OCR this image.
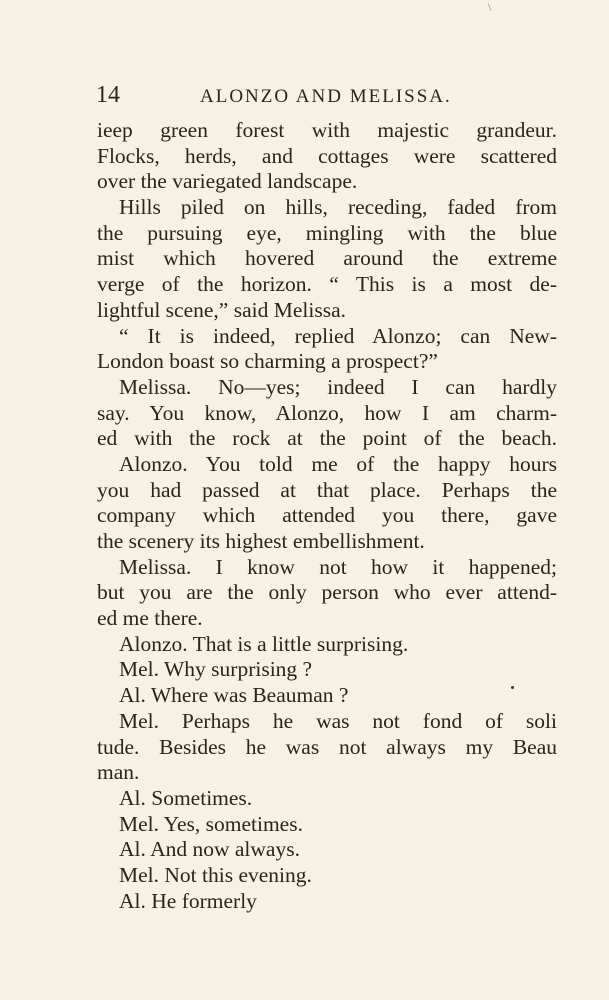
\
14	ALONZO AND MELISSA.
ieep green forest with majestic grandeur.
Flocks, herds, and cottages were scattered
over the variegated landscape.
Hills piled on hills, receding, faded from
the pursuing eye, mingling with the blue
mist which hovered around the extreme
verge of the horizon. “ This is a most de-
lightful scene,” said Melissa.
“ It is indeed, replied Alonzo; can New-
London boast so charming a prospect?”
Melissa. No—yes; indeed I can hardly
say. You know, Alonzo, how I am charm-
ed with the rock at the point of the beach.
Alonzo. You told me of the happy hours
you had passed at that place. Perhaps the
company which attended you there, gave
the scenery its highest embellishment.
Melissa. I know not how it happened;
but you are the only person who ever attend-
ed me there.
Alonzo. That is a little surprising.
Mel. Why surprising ?
Al. Where was Beauman ?
Mel. Perhaps he was not fond of soli
tude. Besides he was not always my Beau
man.
Al. Sometimes.
Mel. Yes, sometimes.
Al. And now always.
Mel. Not this evening.
Al. He formerly
